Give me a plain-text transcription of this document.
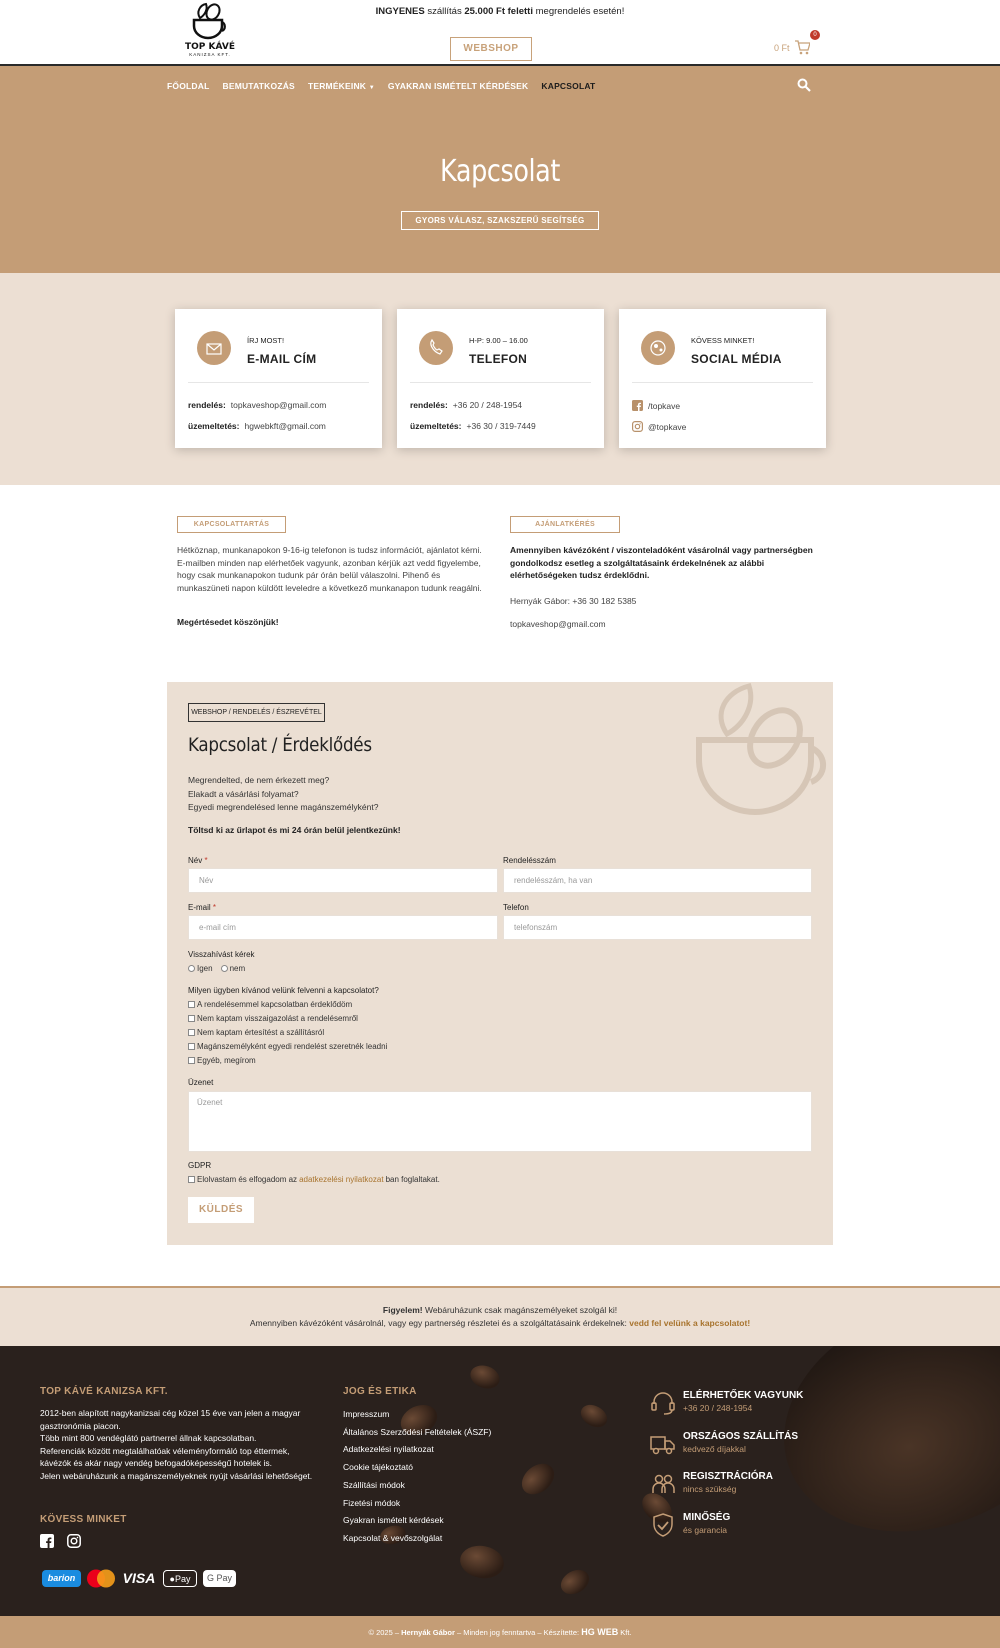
TOP KÁVÉ
KANIZSA KFT.
INGYENES szállítás 25.000 Ft feletti megrendelés esetén!
WEBSHOP	0 Ft
0
FŐOLDAL BEMUTATKOZÁS TERMÉKEINK ▼ GYAKRAN ISMÉTELT KÉRDÉSEK KAPCSOLAT
Kapcsolat
GYORS VÁLASZ, SZAKSZERŰ SEGÍTSÉG
ÍRJ MOST!
E-MAIL CÍM
rendelés: topkaveshop@gmail.com
üzemeltetés: hgwebkft@gmail.com
H-P: 9.00 – 16.00
TELEFON
rendelés: +36 20 / 248-1954
üzemeltetés: +36 30 / 319-7449
KÖVESS MINKET!
SOCIAL MÉDIA
/topkave
@topkave
KAPCSOLATTARTÁS
Hétköznap, munkanapokon 9-16-ig telefonon is tudsz információt, ajánlatot kérni. E-mailben minden nap elérhetőek vagyunk, azonban kérjük azt vedd figyelembe, hogy csak munkanapokon tudunk pár órán belül válaszolni. Pihenő és munkaszüneti napon küldött leveledre a következő munkanapon tudunk reagálni.
Megértésedet köszönjük!
AJÁNLATKÉRÉS
Amennyiben kávézóként / viszonteladóként vásárolnál vagy partnerségben gondolkodsz esetleg a szolgáltatásaink érdekelnének az alábbi elérhetőségeken tudsz érdeklődni.
Hernyák Gábor: +36 30 182 5385
topkaveshop@gmail.com
WEBSHOP / RENDELÉS / ÉSZREVÉTEL
Kapcsolat / Érdeklődés
Megrendelted, de nem érkezett meg?
Elakadt a vásárlási folyamat?
Egyedi megrendelésed lenne magánszemélyként?
Töltsd ki az űrlapot és mi 24 órán belül jelentkezünk!
Név *
Név
Rendelésszám
rendelésszám, ha van
E-mail *
e-mail cím
Telefon
telefonszám
Visszahívást kérek
Igen nem
Milyen ügyben kívánod velünk felvenni a kapcsolatot?
A rendelésemmel kapcsolatban érdeklődöm
Nem kaptam visszaigazolást a rendelésemről
Nem kaptam értesítést a szállításról
Magánszemélyként egyedi rendelést szeretnék leadni
Egyéb, megírom
Üzenet
Üzenet
GDPR
Elolvastam és elfogadom az adatkezelési nyilatkozat ban foglaltakat.
KÜLDÉS

Figyelem! Webáruházunk csak magánszemélyeket szolgál ki!

Amennyiben kávézóként vásárolnál, vagy egy partnerség részletei és a szolgáltatásaink érdekelnek: vedd fel velünk a kapcsolatot!

TOP KÁVÉ KANIZSA KFT.
2012-ben alapított nagykanizsai cég közel 15 éve van jelen a magyar gasztronómia piacon.
Több mint 800 vendéglátó partnerrel állnak kapcsolatban.
Referenciák között megtalálhatóak véleményformáló top éttermek, kávézók és akár nagy vendég befogadóképességű hotelek is.
Jelen webáruházunk a magánszemélyeknek nyújt vásárlási lehetőséget.
KÖVESS MINKET
JOG ÉS ETIKA
Impresszum
Általános Szerződési Feltételek (ÁSZF)
Adatkezelési nyilatkozat
Cookie tájékoztató
Szállítási módok
Fizetési módok
Gyakran ismételt kérdések
Kapcsolat & vevőszolgálat
ELÉRHETŐEK VAGYUNK
+36 20 / 248-1954
ORSZÁGOS SZÁLLÍTÁS
kedvező díjakkal
REGISZTRÁCIÓRA
nincs szükség
MINŐSÉG
és garancia
barion	VISA	●Pay	G Pay
© 2025 – Hernyák Gábor – Minden jog fenntartva – Készítette: HG WEB Kft.
